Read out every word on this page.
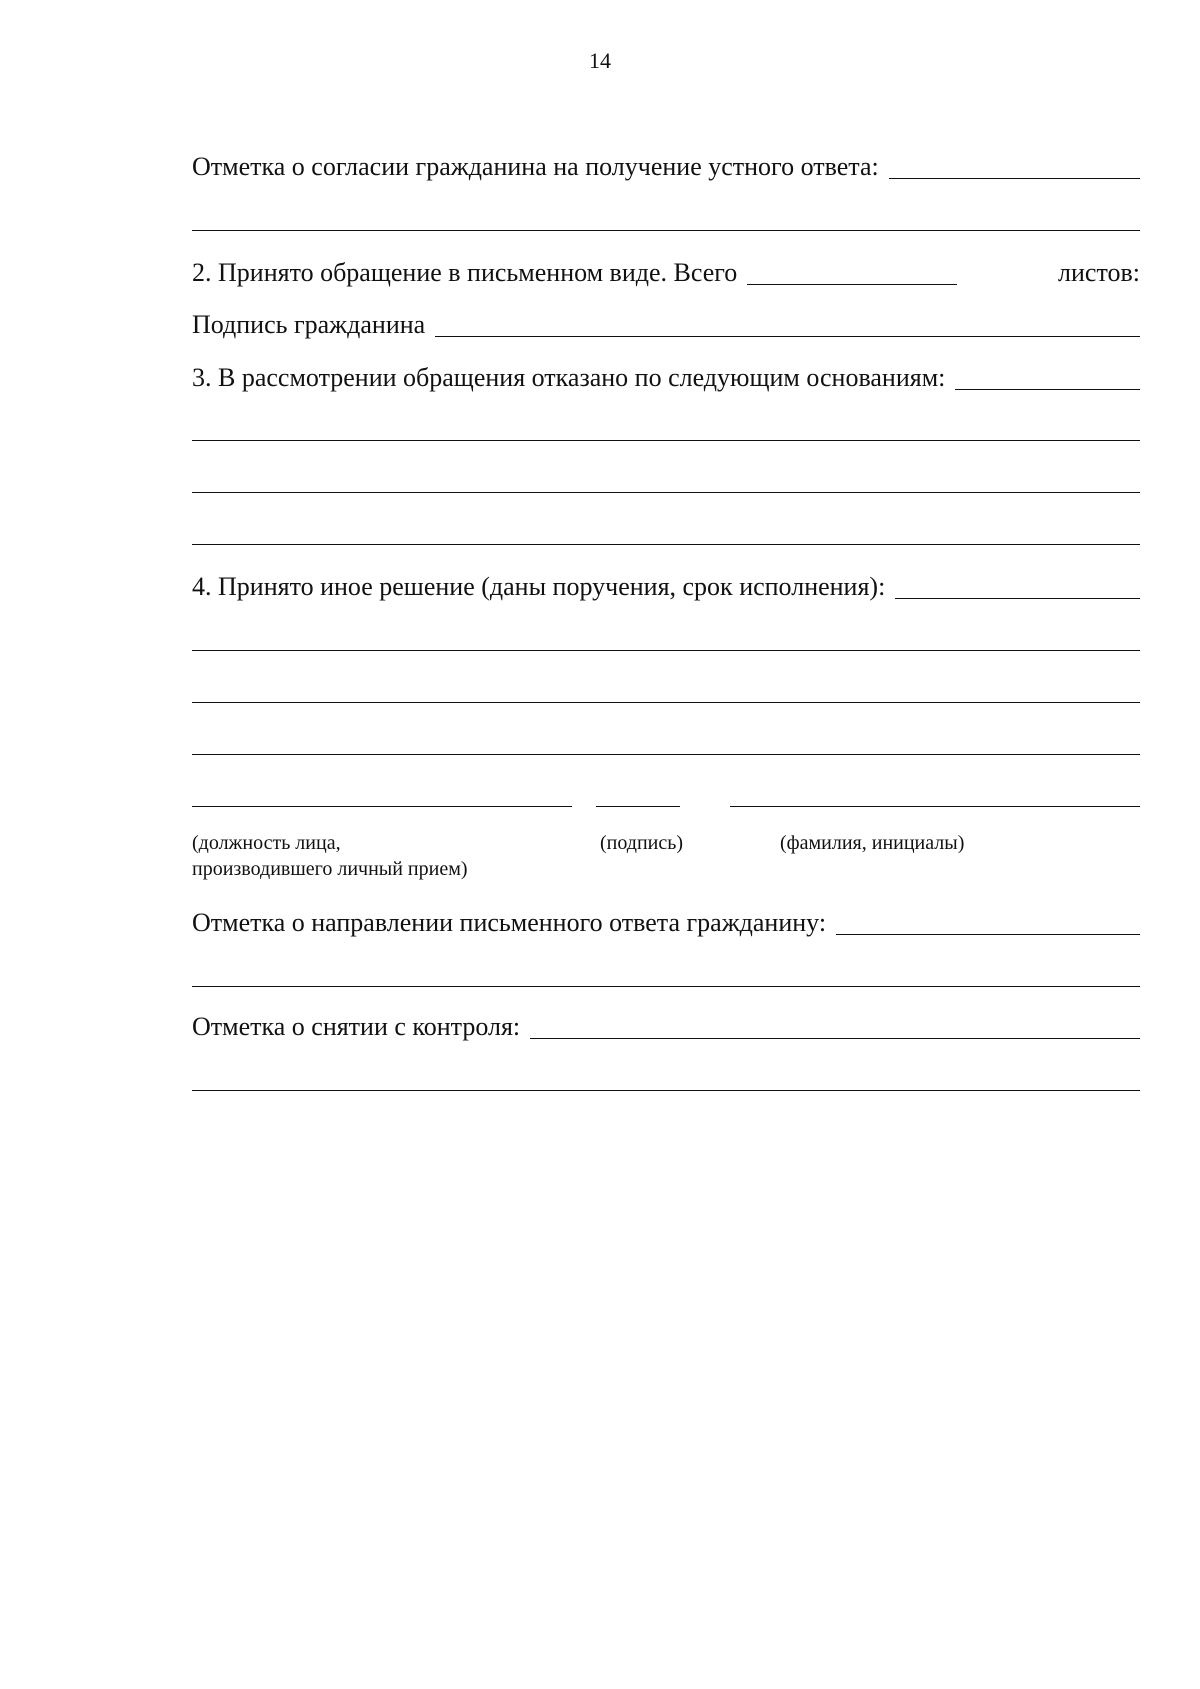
14
Отметка о согласии гражданина на получение устного ответа:
2. Принято обращение в письменном виде. Всего	листов:
Подпись гражданина
3. В рассмотрении обращения отказано по следующим основаниям:
4. Принято иное решение (даны поручения, срок исполнения):
(должность лица,
производившего личный прием)
(подпись)	(фамилия, инициалы)
Отметка о направлении письменного ответа гражданину:
Отметка о снятии с контроля:
